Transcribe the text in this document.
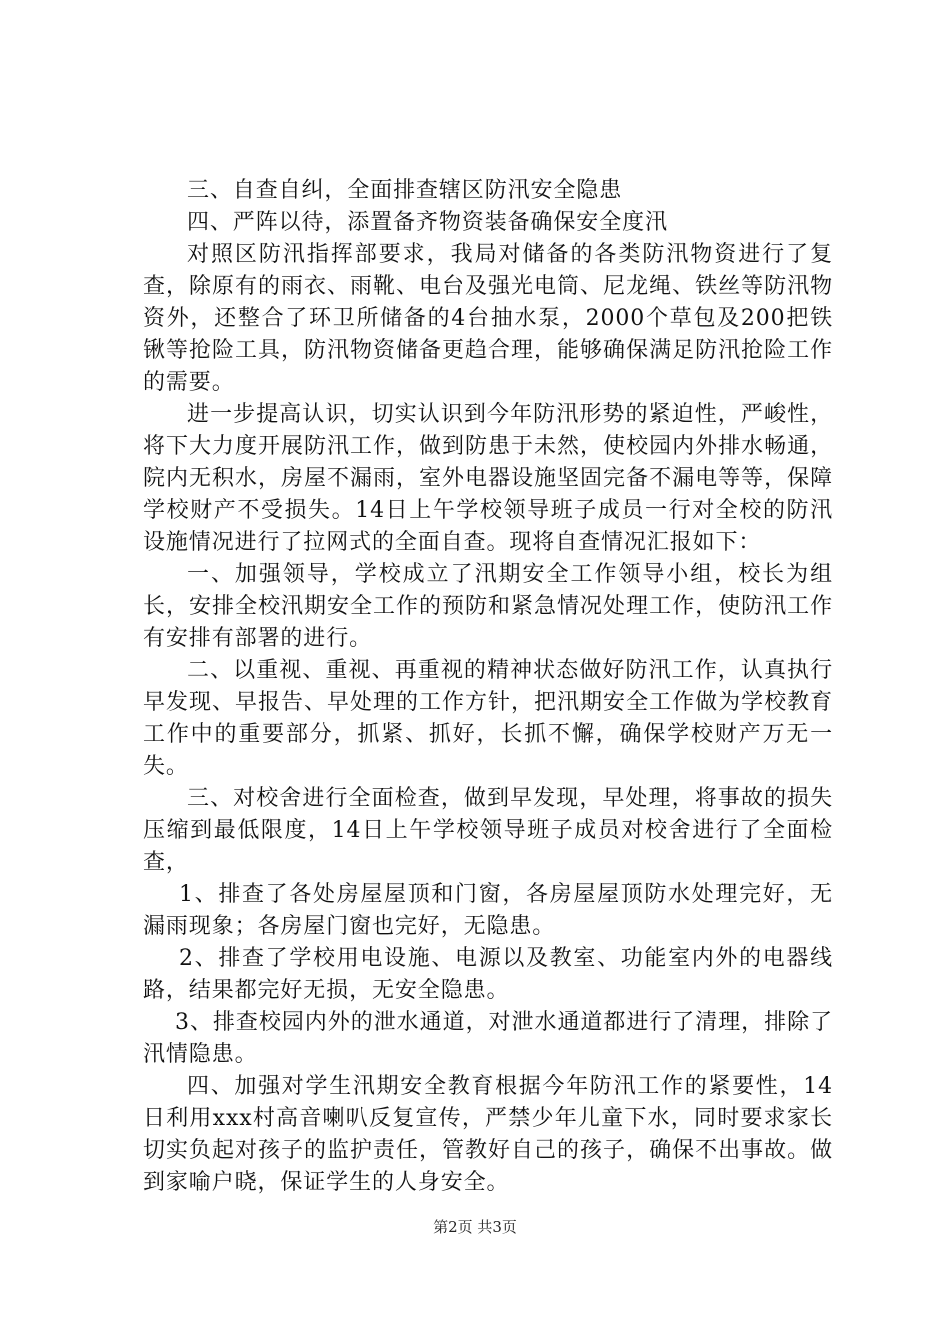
三、自查自纠，全面排查辖区防汛安全隐患

四、严阵以待，添置备齐物资装备确保安全度汛

对照区防汛指挥部要求，我局对储备的各类防汛物资进行了复查，除原有的雨衣、雨靴、电台及强光电筒、尼龙绳、铁丝等防汛物资外，还整合了环卫所储备的4台抽水泵，2000个草包及200把铁锹等抢险工具，防汛物资储备更趋合理，能够确保满足防汛抢险工作的需要。

进一步提高认识，切实认识到今年防汛形势的紧迫性，严峻性，将下大力度开展防汛工作，做到防患于未然，使校园内外排水畅通，院内无积水，房屋不漏雨，室外电器设施坚固完备不漏电等等，保障学校财产不受损失。14日上午学校领导班子成员一行对全校的防汛设施情况进行了拉网式的全面自查。现将自查情况汇报如下：

一、加强领导，学校成立了汛期安全工作领导小组，校长为组长，安排全校汛期安全工作的预防和紧急情况处理工作，使防汛工作有安排有部署的进行。

二、以重视、重视、再重视的精神状态做好防汛工作，认真执行早发现、早报告、早处理的工作方针，把汛期安全工作做为学校教育工作中的重要部分，抓紧、抓好，长抓不懈，确保学校财产万无一失。

三、对校舍进行全面检查，做到早发现，早处理，将事故的损失压缩到最低限度，14日上午学校领导班子成员对校舍进行了全面检查，

1、排查了各处房屋屋顶和门窗，各房屋屋顶防水处理完好，无漏雨现象；各房屋门窗也完好，无隐患。

2、排查了学校用电设施、电源以及教室、功能室内外的电器线路，结果都完好无损，无安全隐患。

3、排查校园内外的泄水通道，对泄水通道都进行了清理，排除了汛情隐患。

四、加强对学生汛期安全教育根据今年防汛工作的紧要性，14日利用xxx村高音喇叭反复宣传，严禁少年儿童下水，同时要求家长切实负起对孩子的监护责任，管教好自己的孩子，确保不出事故。做到家喻户晓，保证学生的人身安全。

第2页 共3页
